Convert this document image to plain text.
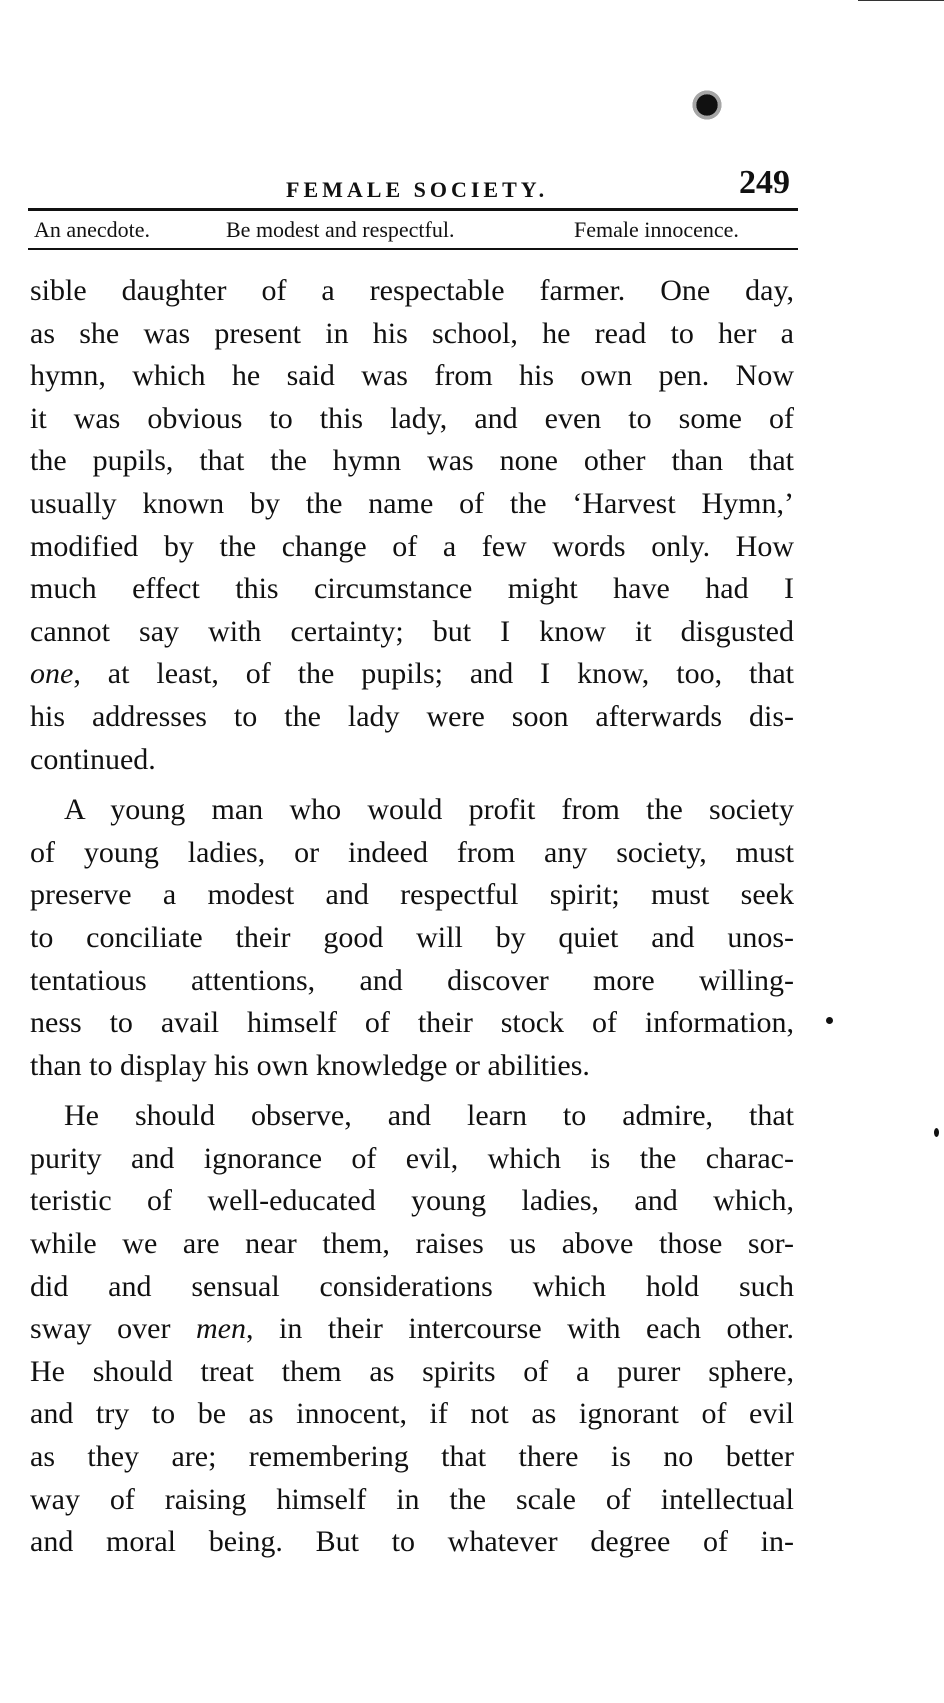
FEMALE SOCIETY.	249
An anecdote.	Be modest and respectful.	Female innocence.
sible daughter of a respectable farmer. One day,
as she was present in his school, he read to her a
hymn, which he said was from his own pen. Now
it was obvious to this lady, and even to some of
the pupils, that the hymn was none other than that
usually known by the name of the ‘Harvest Hymn,’
modified by the change of a few words only. How
much effect this circumstance might have had I
cannot say with certainty; but I know it disgusted
one, at least, of the pupils; and I know, too, that
his addresses to the lady were soon afterwards dis-
continued.
A young man who would profit from the society
of young ladies, or indeed from any society, must
preserve a modest and respectful spirit; must seek
to conciliate their good will by quiet and unos-
tentatious attentions, and discover more willing-
ness to avail himself of their stock of information,
than to display his own knowledge or abilities.
He should observe, and learn to admire, that
purity and ignorance of evil, which is the charac-
teristic of well-educated young ladies, and which,
while we are near them, raises us above those sor-
did and sensual considerations which hold such
sway over men, in their intercourse with each other.
He should treat them as spirits of a purer sphere,
and try to be as innocent, if not as ignorant of evil
as they are; remembering that there is no better
way of raising himself in the scale of intellectual
and moral being. But to whatever degree of in-
